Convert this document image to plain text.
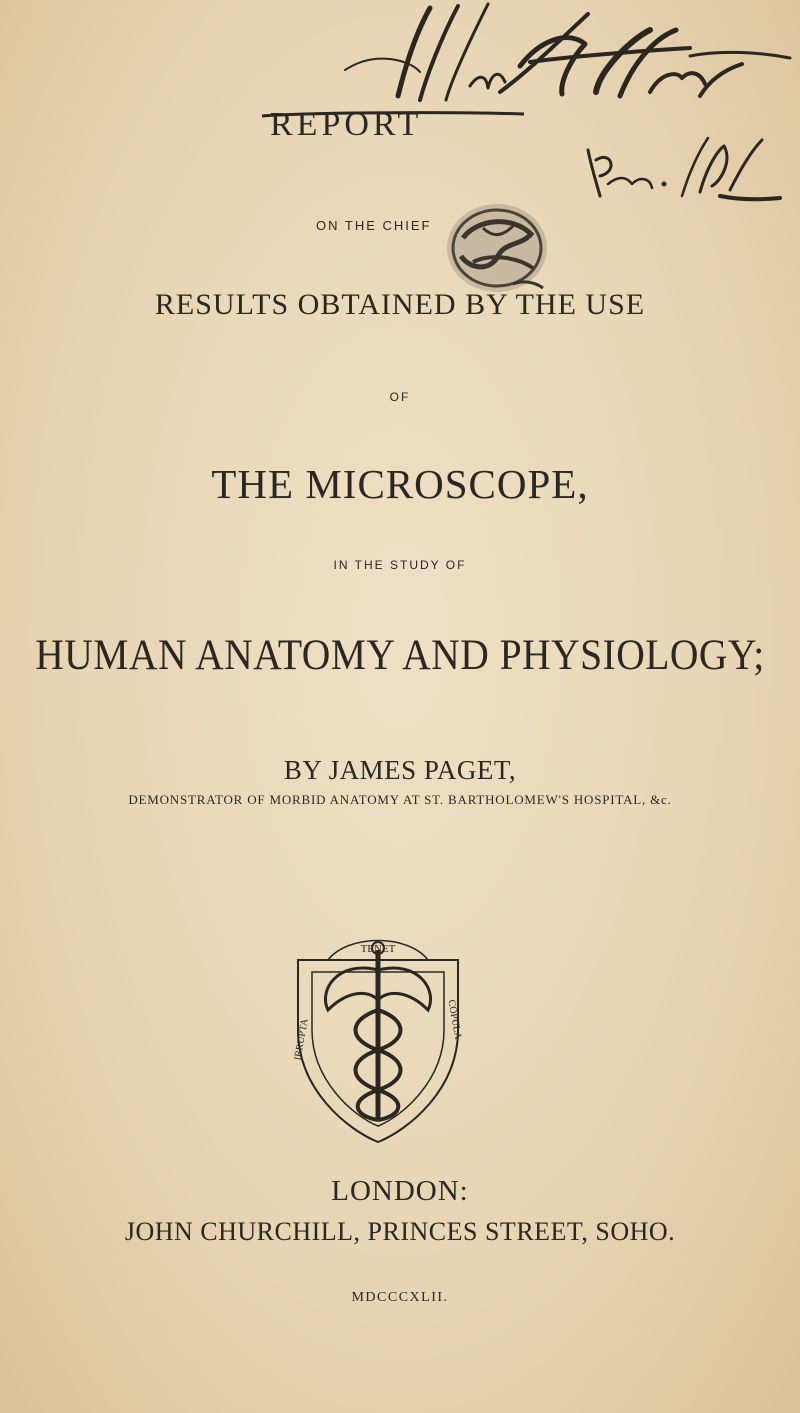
REPORT
ON THE CHIEF
RESULTS OBTAINED BY THE USE
OF
THE MICROSCOPE,
IN THE STUDY OF
HUMAN ANATOMY AND PHYSIOLOGY;
BY JAMES PAGET,
DEMONSTRATOR OF MORBID ANATOMY AT ST. BARTHOLOMEW'S HOSPITAL, &c.
TENET
IRRUPTA	COPULA
LONDON:
JOHN CHURCHILL, PRINCES STREET, SOHO.
MDCCCXLII.
